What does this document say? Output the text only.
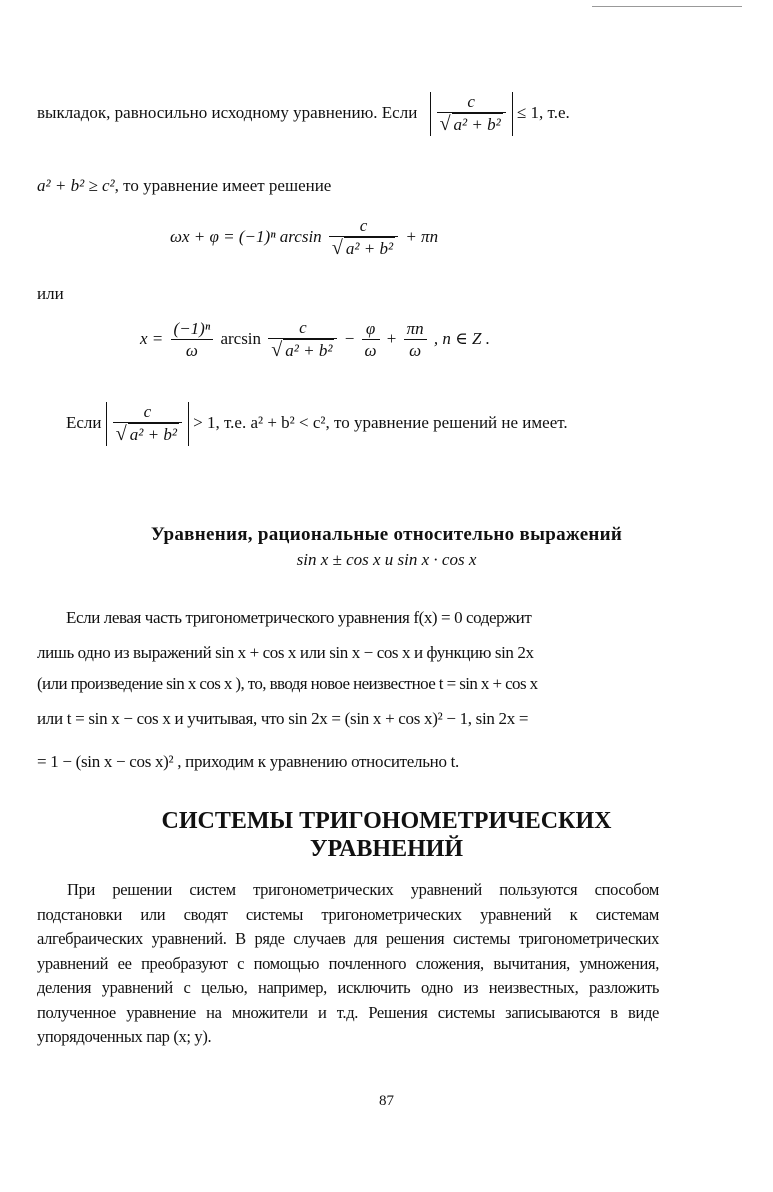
выкладок, равносильно исходному уравнению. Если $\frac{c}{\text{√ a² + b²}} \le 1$, т.е.
a² + b² ≥ c², то уравнение имеет решение
ωx + φ = (−1)ⁿ $\arcsin \frac{c}{\text{√ a² + b²}} + \pi n$
или
$x = \frac{\text{(−1)ⁿ}}{\omega}$ $\arcsin \frac{c}{\text{√ a² + b²}} - \frac{\varphi}{\omega} + \frac{\pi n}{\omega}$ , n ∈ Z .
Если $\frac{c}{\text{√ a² + b²}} > 1$, т.е. a² + b² < c², то уравнение решений не имеет.
Уравнения, рациональные относительно выражений
sin x ± cos x и sin x · cos x
Если левая часть тригонометрического уравнения f(x) = 0 содержит
лишь одно из выражений sin x + cos x или sin x − cos x и функцию sin 2x
(или произведение sin x cos x ), то, вводя новое неизвестное t = sin x + cos x
или t = sin x − cos x и учитывая, что sin 2x = (sin x + cos x)² − 1, sin 2x =
= 1 − (sin x − cos x)² , приходим к уравнению относительно t.
СИСТЕМЫ ТРИГОНОМЕТРИЧЕСКИХ
УРАВНЕНИЙ
При решении систем тригонометрических уравнений пользуются способом подстановки или сводят системы тригонометрических уравнений к системам алгебраических уравнений. В ряде случаев для решения системы тригонометрических уравнений ее преобразуют с помощью почленного сложения, вычитания, умножения, деления уравнений с целью, например, исключить одно из неизвестных, разложить полученное уравнение на множители и т.д. Решения системы записываются в виде упорядоченных пар (x; y).
87
